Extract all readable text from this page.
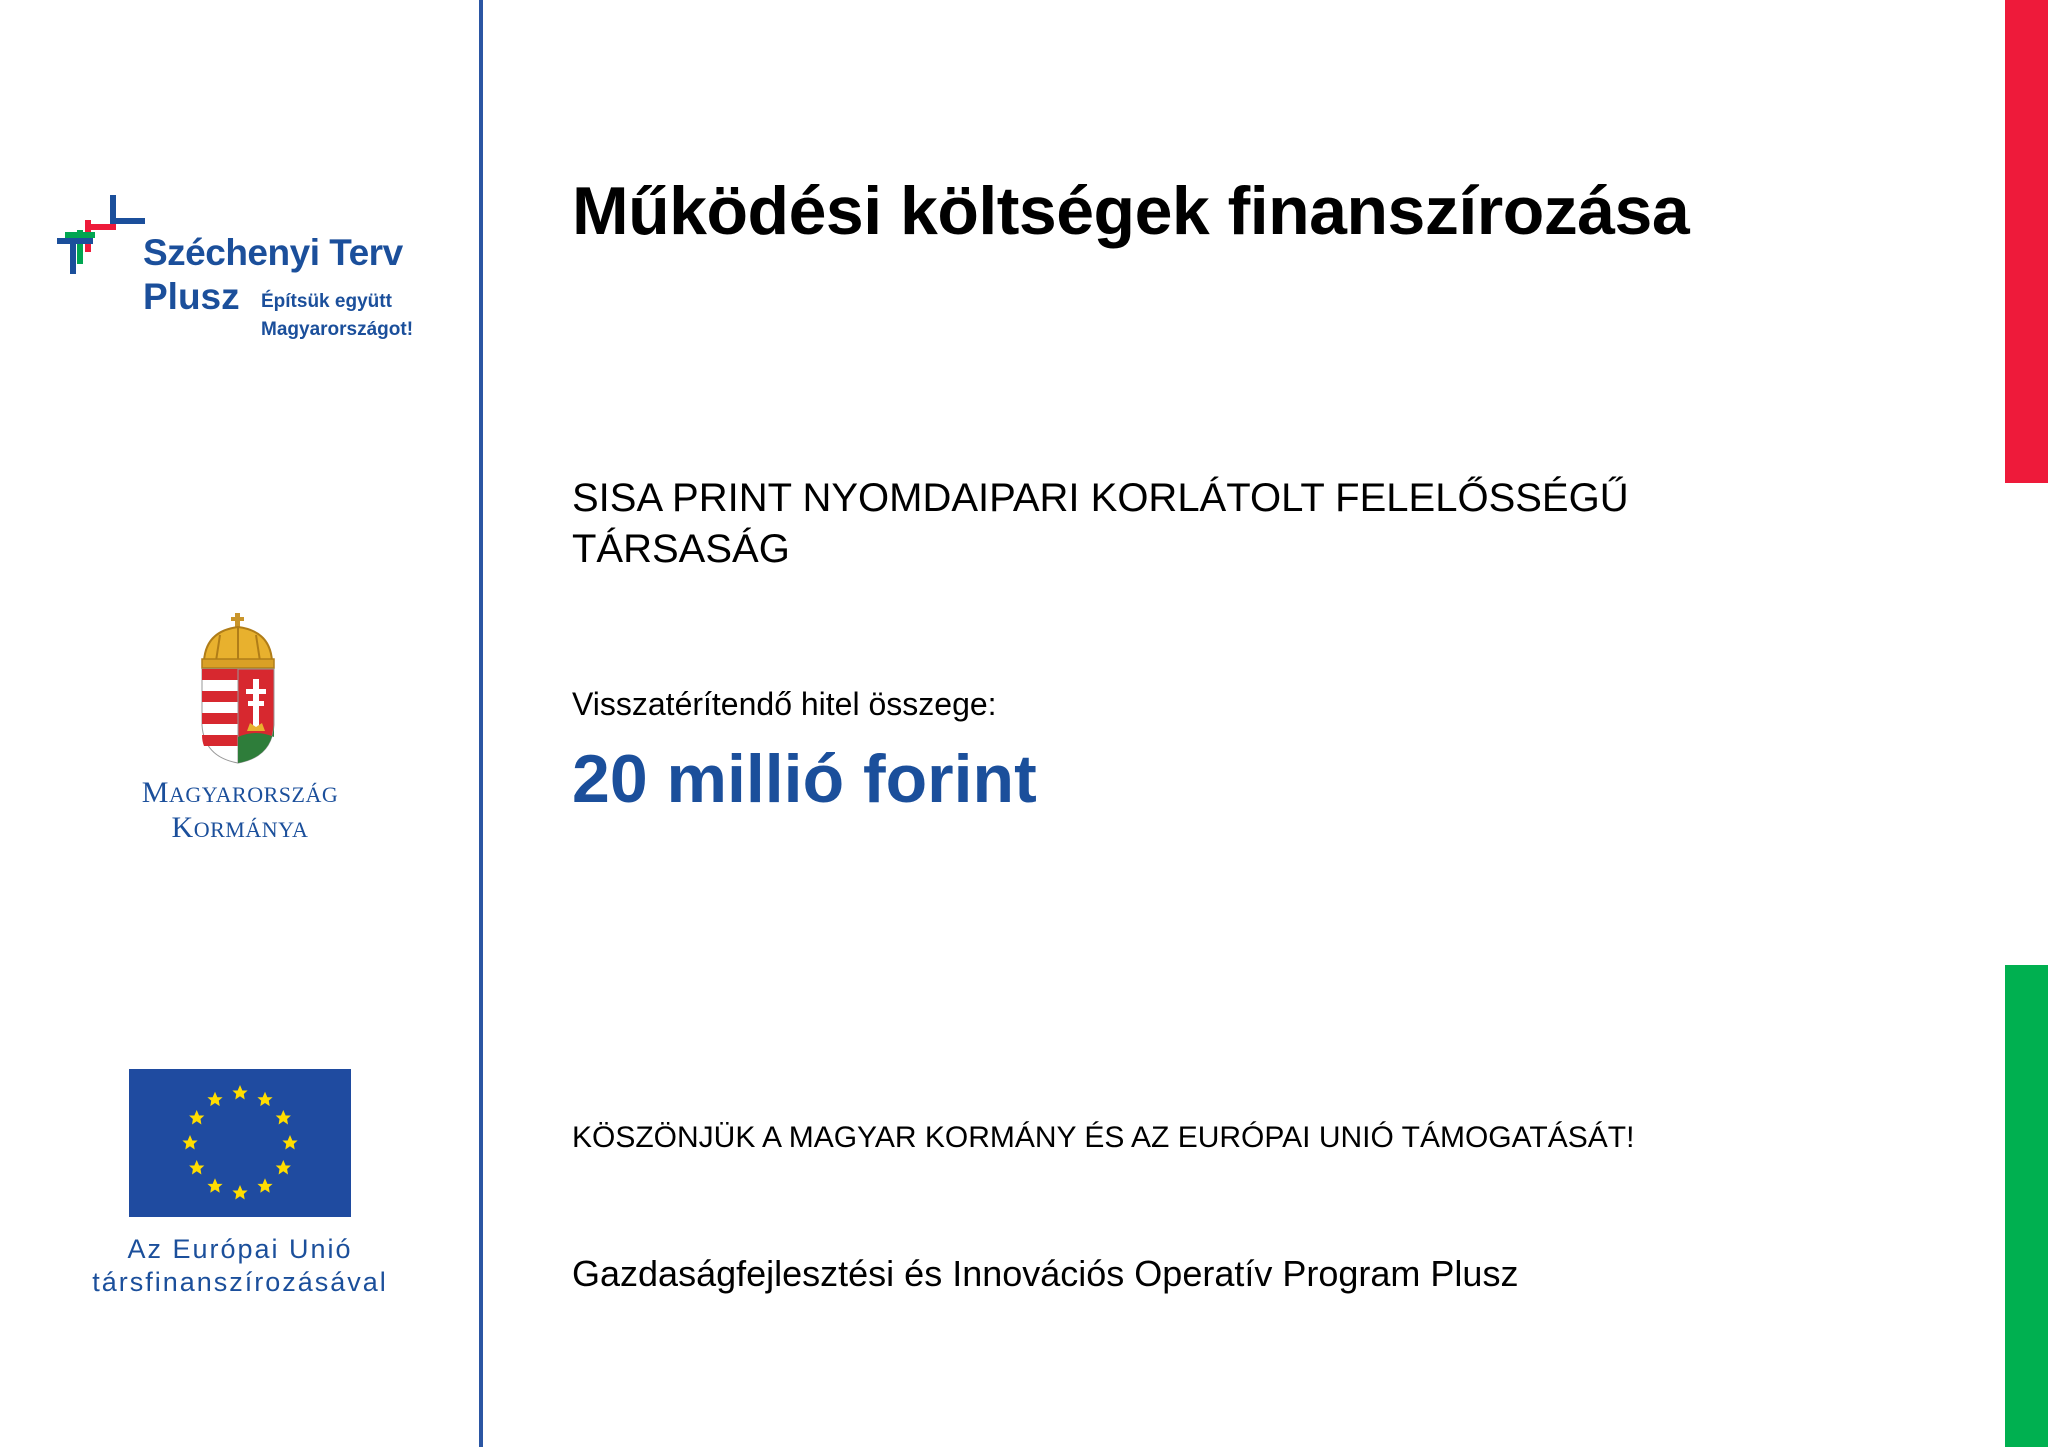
Széchenyi Terv
Plusz Építsük együtt
Magyarországot!
MAGYARORSZÁG
KORMÁNYA
Az Európai Unió
társfinanszírozásával
Működési költségek finanszírozása
SISA PRINT NYOMDAIPARI KORLÁTOLT FELELŐSSÉGŰ
TÁRSASÁG
Visszatérítendő hitel összege:
20 millió forint
KÖSZÖNJÜK A MAGYAR KORMÁNY ÉS AZ EURÓPAI UNIÓ TÁMOGATÁSÁT!
Gazdaságfejlesztési és Innovációs Operatív Program Plusz
